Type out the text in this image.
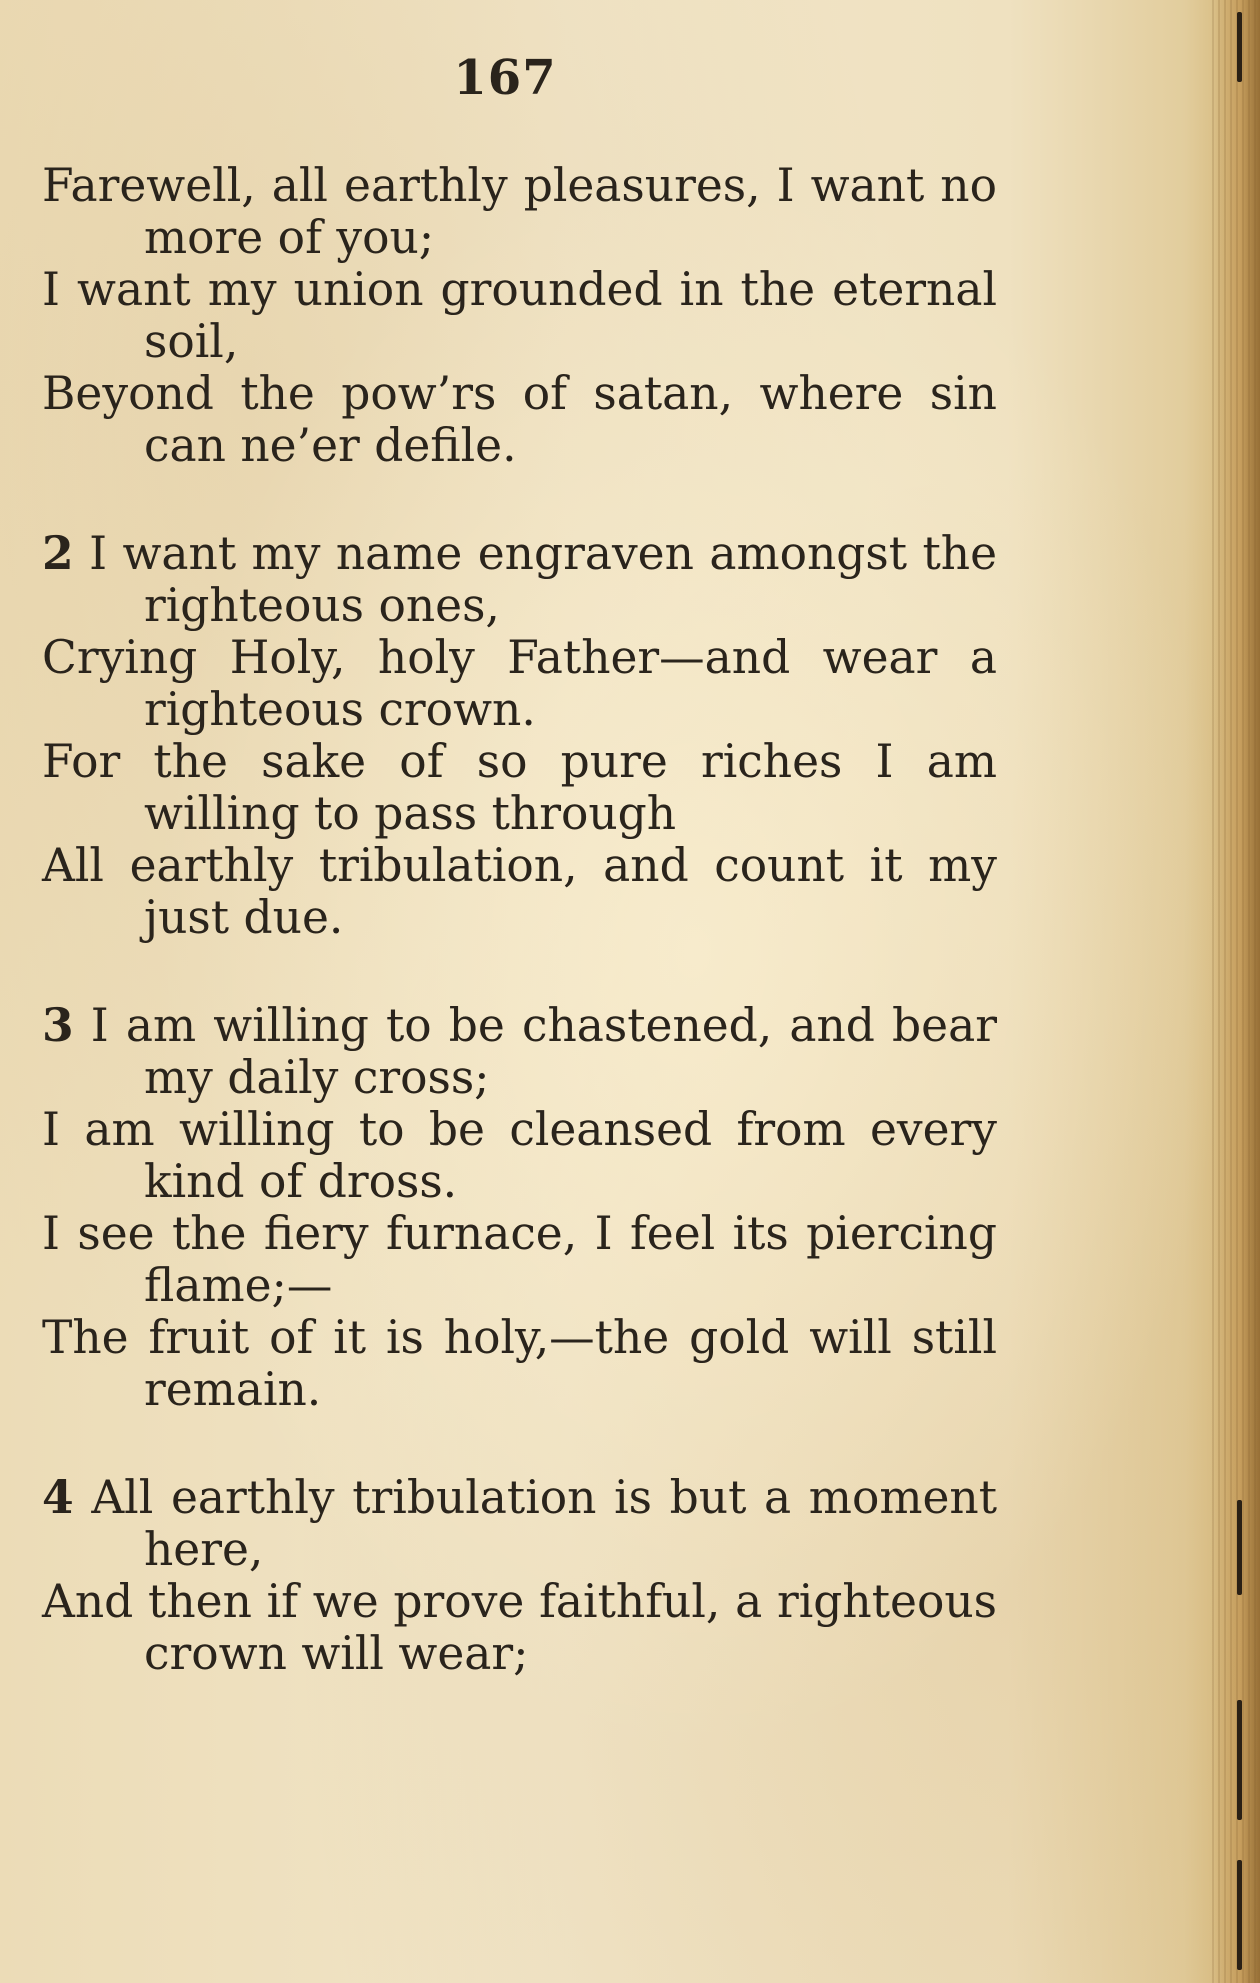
167
Farewell, all earthly pleasures, I want no more of you;
I want my union grounded in the eternal soil,
Beyond the pow’rs of satan, where sin can ne’er defile.
2 I want my name engraven amongst the righteous ones,
Crying Holy, holy Father—and wear a righteous crown.
For the sake of so pure riches I am willing to pass through
All earthly tribulation, and count it my just due.
3 I am willing to be chastened, and bear my daily cross;
I am willing to be cleansed from every kind of dross.
I see the fiery furnace, I feel its piercing flame;—
The fruit of it is holy,—the gold will still remain.
4 All earthly tribulation is but a moment here,
And then if we prove faithful, a righteous crown will wear;
